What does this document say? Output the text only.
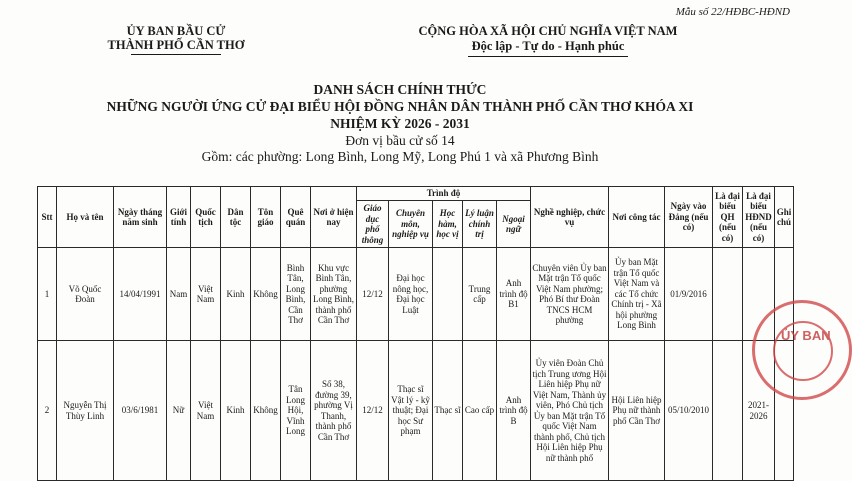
Mẫu số 22/HĐBC-HĐND
ỦY BAN BẦU CỬ
THÀNH PHỐ CẦN THƠ
CỘNG HÒA XÃ HỘI CHỦ NGHĨA VIỆT NAM
Độc lập - Tự do - Hạnh phúc
DANH SÁCH CHÍNH THỨC
NHỮNG NGƯỜI ỨNG CỬ ĐẠI BIỂU HỘI ĐỒNG NHÂN DÂN THÀNH PHỐ CẦN THƠ KHÓA XI
NHIỆM KỲ 2026 - 2031
Đơn vị bầu cử số 14
Gồm: các phường: Long Bình, Long Mỹ, Long Phú 1 và xã Phương Bình
Stt	Họ và tên	Ngày tháng năm sinh	Giới tính	Quốc tịch	Dân tộc	Tôn giáo	Quê quán	Nơi ở hiện nay	Trình độ					Nghề nghiệp, chức vụ	Nơi công tác	Ngày vào Đảng (nếu có)	Là đại biểu QH (nếu có)	Là đại biểu HĐND (nếu có)	Ghi chú
									Giáo dục phổ thông	Chuyên môn, nghiệp vụ	Học hàm, học vị	Lý luận chính trị	Ngoại ngữ						
1	Võ Quốc Đoàn	14/04/1991	Nam	Việt Nam	Kinh	Không	Bình Tân, Long Bình, Cần Thơ	Khu vực Bình Tân, phường Long Bình, thành phố Cần Thơ	12/12	Đại học nông học, Đại học Luật		Trung cấp	Anh trình độ B1	Chuyên viên Ủy ban Mặt trận Tổ quốc Việt Nam phường; Phó Bí thư Đoàn TNCS HCM phường	Ủy ban Mặt trận Tổ quốc Việt Nam và các Tổ chức Chính trị - Xã hội phường Long Bình	01/9/2016			
2	Nguyễn Thị Thùy Linh	03/6/1981	Nữ	Việt Nam	Kinh	Không	Tân Long Hội, Vĩnh Long	Số 38, đường 39, phường Vị Thanh, thành phố Cần Thơ	12/12	Thạc sĩ Vật lý - kỹ thuật; Đại học Sư phạm	Thạc sĩ	Cao cấp	Anh trình độ B	Ủy viên Đoàn Chủ tịch Trung ương Hội Liên hiệp Phụ nữ Việt Nam, Thành ủy viên, Phó Chủ tịch Ủy ban Mặt trận Tổ quốc Việt Nam thành phố, Chủ tịch Hội Liên hiệp Phụ nữ thành phố	Hội Liên hiệp Phụ nữ thành phố Cần Thơ	05/10/2010		2021-2026	
ỦY BAN
